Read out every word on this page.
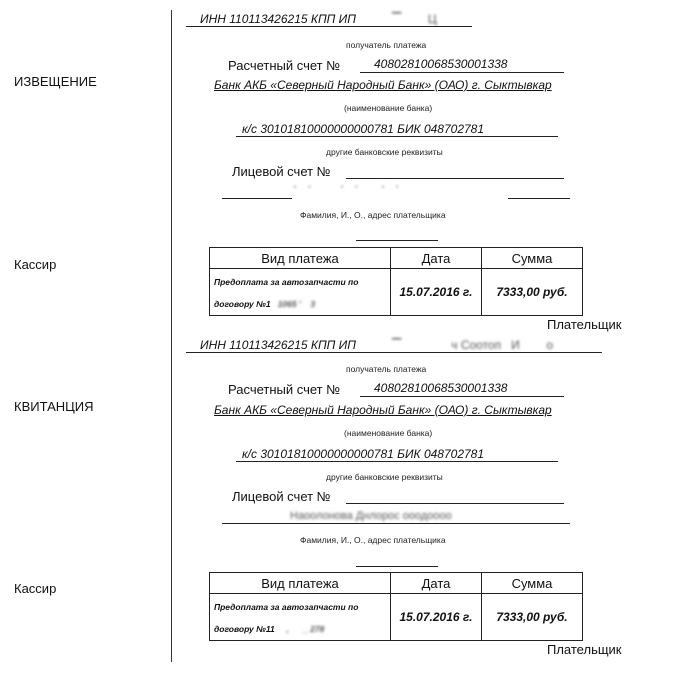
ИЗВЕЩЕНИЕ
Кассир
ИНН 110113426215 КПП ИП	▔        Ц
получатель платежа
Расчетный счет №	40802810068530001338
Банк АКБ «Северный Народный Банк» (ОАО) г. Сыктывкар
(наименование банка)
к/с 30101810000000000781 БИК 048702781
другие банковские реквизиты
Лицевой счет №
'    '          '    '        '    '
Фамилия, И., О., адрес плательщика
Вид платежа	Дата	Сумма

Предоплата за автозапчасти по
договору №1   1065 '    3	15.07.2016 г.	7333,00 руб.
Плательщик
КВИТАНЦИЯ
Кассир
ИНН 110113426215 КПП ИП	▔               ч Соотоп   И        о
получатель платежа
Расчетный счет №	40802810068530001338
Банк АКБ «Северный Народный Банк» (ОАО) г. Сыктывкар
(наименование банка)
к/с 30101810000000000781 БИК 048702781
другие банковские реквизиты
Лицевой счет №
Наоолонова Днлорос ооодоооо
Фамилия, И., О., адрес плательщика
Вид платежа	Дата	Сумма

Предоплата за автозапчасти по
договору №11     ,      _ 278	15.07.2016 г.	7333,00 руб.
Плательщик
